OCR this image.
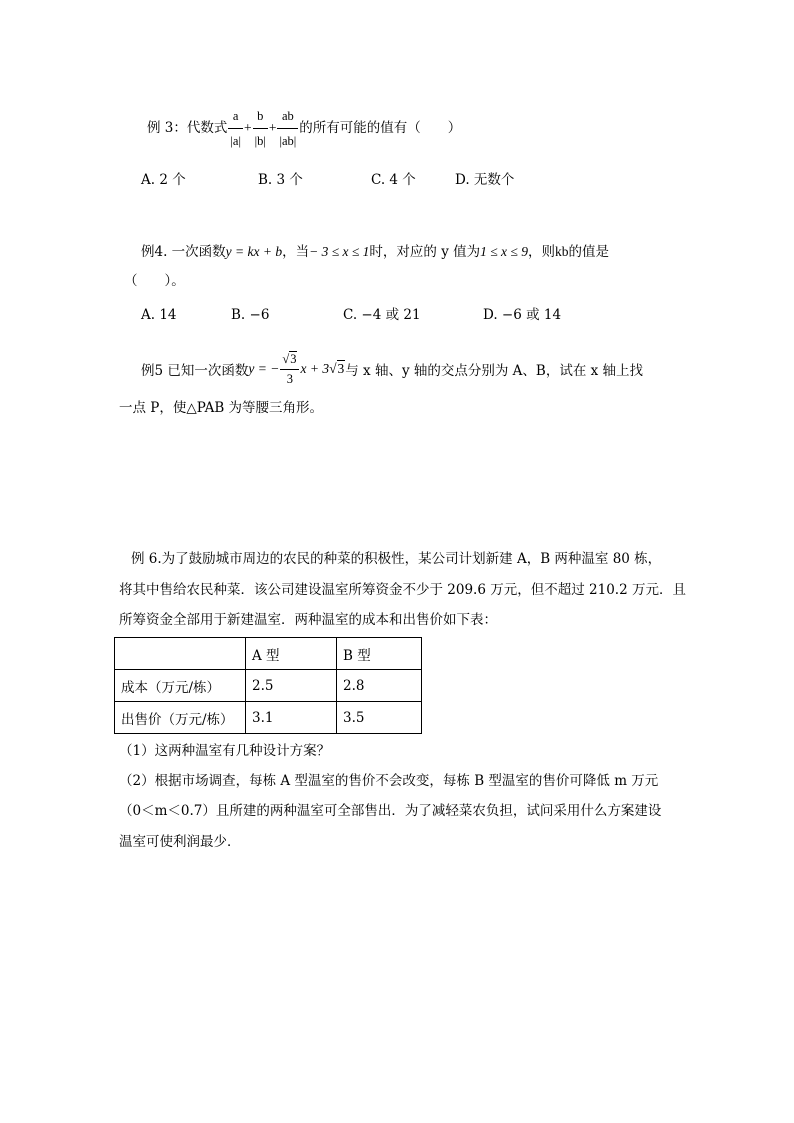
例 3：代数式 $\frac{a}{|a|} + \frac{b}{|b|} + \frac{ab}{|ab|}$ 的所有可能的值有（　　）
A. 2 个	B. 3 个	C. 4 个	D. 无数个
例4. 一次函数y = kx + b，当− 3 ≤ x ≤ 1时，对应的 y 值为1 ≤ x ≤ 9，则kb的值是
（　　）。
A. 14	B. −6	C. −4 或 21	D. −6 或 14
例5 已知一次函数 y = − $\frac{√3}{3}$ x + 3 √3 与 x 轴、y 轴的交点分别为 A、B，试在 x 轴上找
一点 P，使△PAB 为等腰三角形。
例 6.为了鼓励城市周边的农民的种菜的积极性，某公司计划新建 A，B 两种温室 80 栋，
将其中售给农民种菜．该公司建设温室所筹资金不少于 209.6 万元，但不超过 210.2 万元．且
所筹资金全部用于新建温室．两种温室的成本和出售价如下表：
	A 型	B 型
成本（万元/栋）	2.5	2.8
出售价（万元/栋）	3.1	3.5
（1）这两种温室有几种设计方案？
（2）根据市场调查，每栋 A 型温室的售价不会改变，每栋 B 型温室的售价可降低 m 万元
（0＜m＜0.7）且所建的两种温室可全部售出．为了减轻菜农负担，试问采用什么方案建设
温室可使利润最少．
